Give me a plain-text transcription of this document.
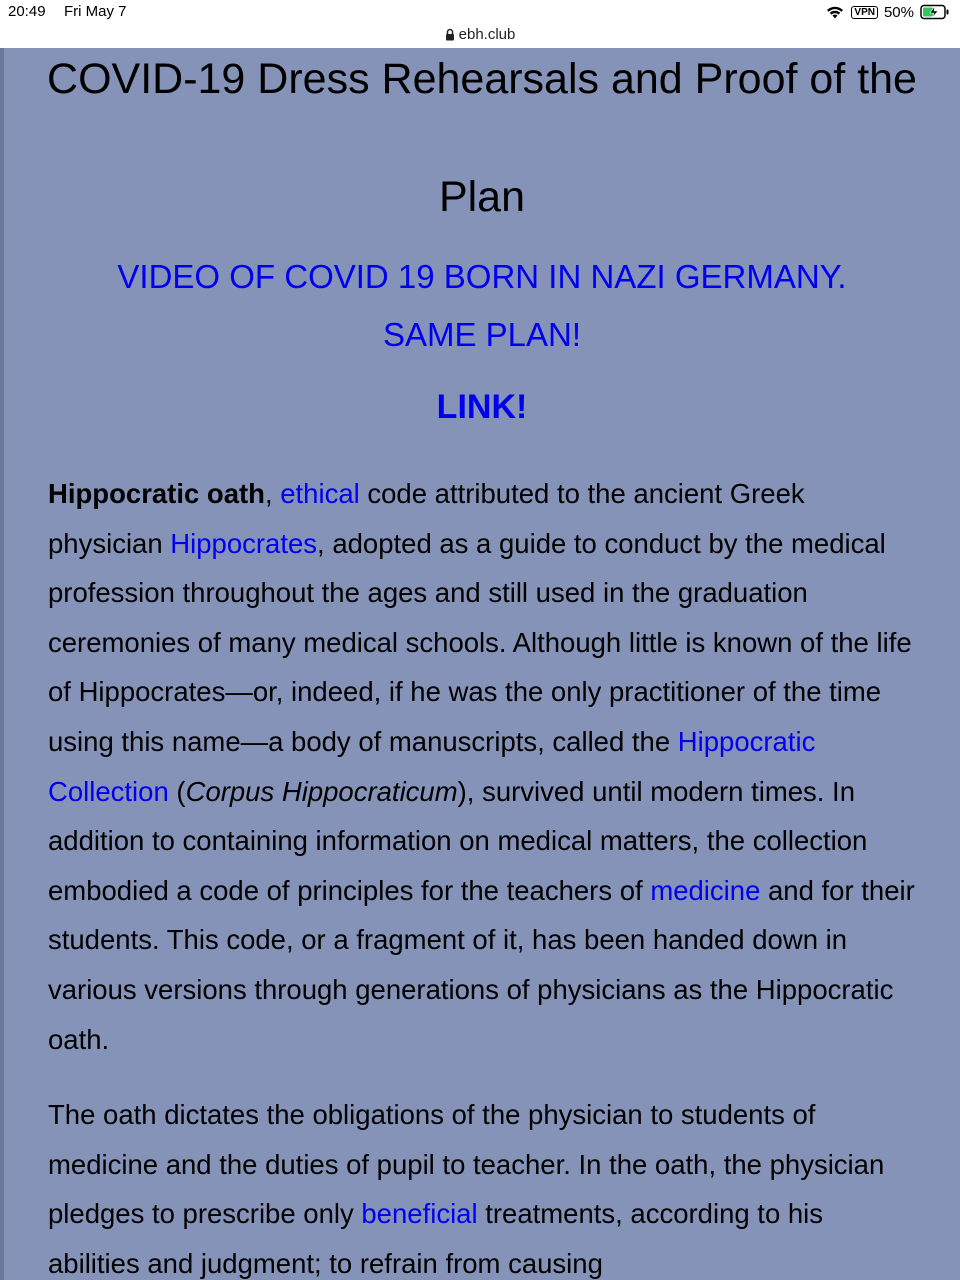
20:49 Fri May 7	VPN 50%
ebh.club
COVID-19 Dress Rehearsals and Proof of the Plan
VIDEO OF COVID 19 BORN IN NAZI GERMANY. SAME PLAN!
LINK!

Hippocratic oath, ethical code attributed to the ancient Greek physician Hippocrates, adopted as a guide to conduct by the medical profession throughout the ages and still used in the graduation ceremonies of many medical schools. Although little is known of the life of Hippocrates—or, indeed, if he was the only practitioner of the time using this name—a body of manuscripts, called the Hippocratic Collection (Corpus Hippocraticum), survived until modern times. In addition to containing information on medical matters, the collection embodied a code of principles for the teachers of medicine and for their students. This code, or a fragment of it, has been handed down in various versions through generations of physicians as the Hippocratic oath.

The oath dictates the obligations of the physician to students of medicine and the duties of pupil to teacher. In the oath, the physician pledges to prescribe only beneficial treatments, according to his abilities and judgment; to refrain from causing
